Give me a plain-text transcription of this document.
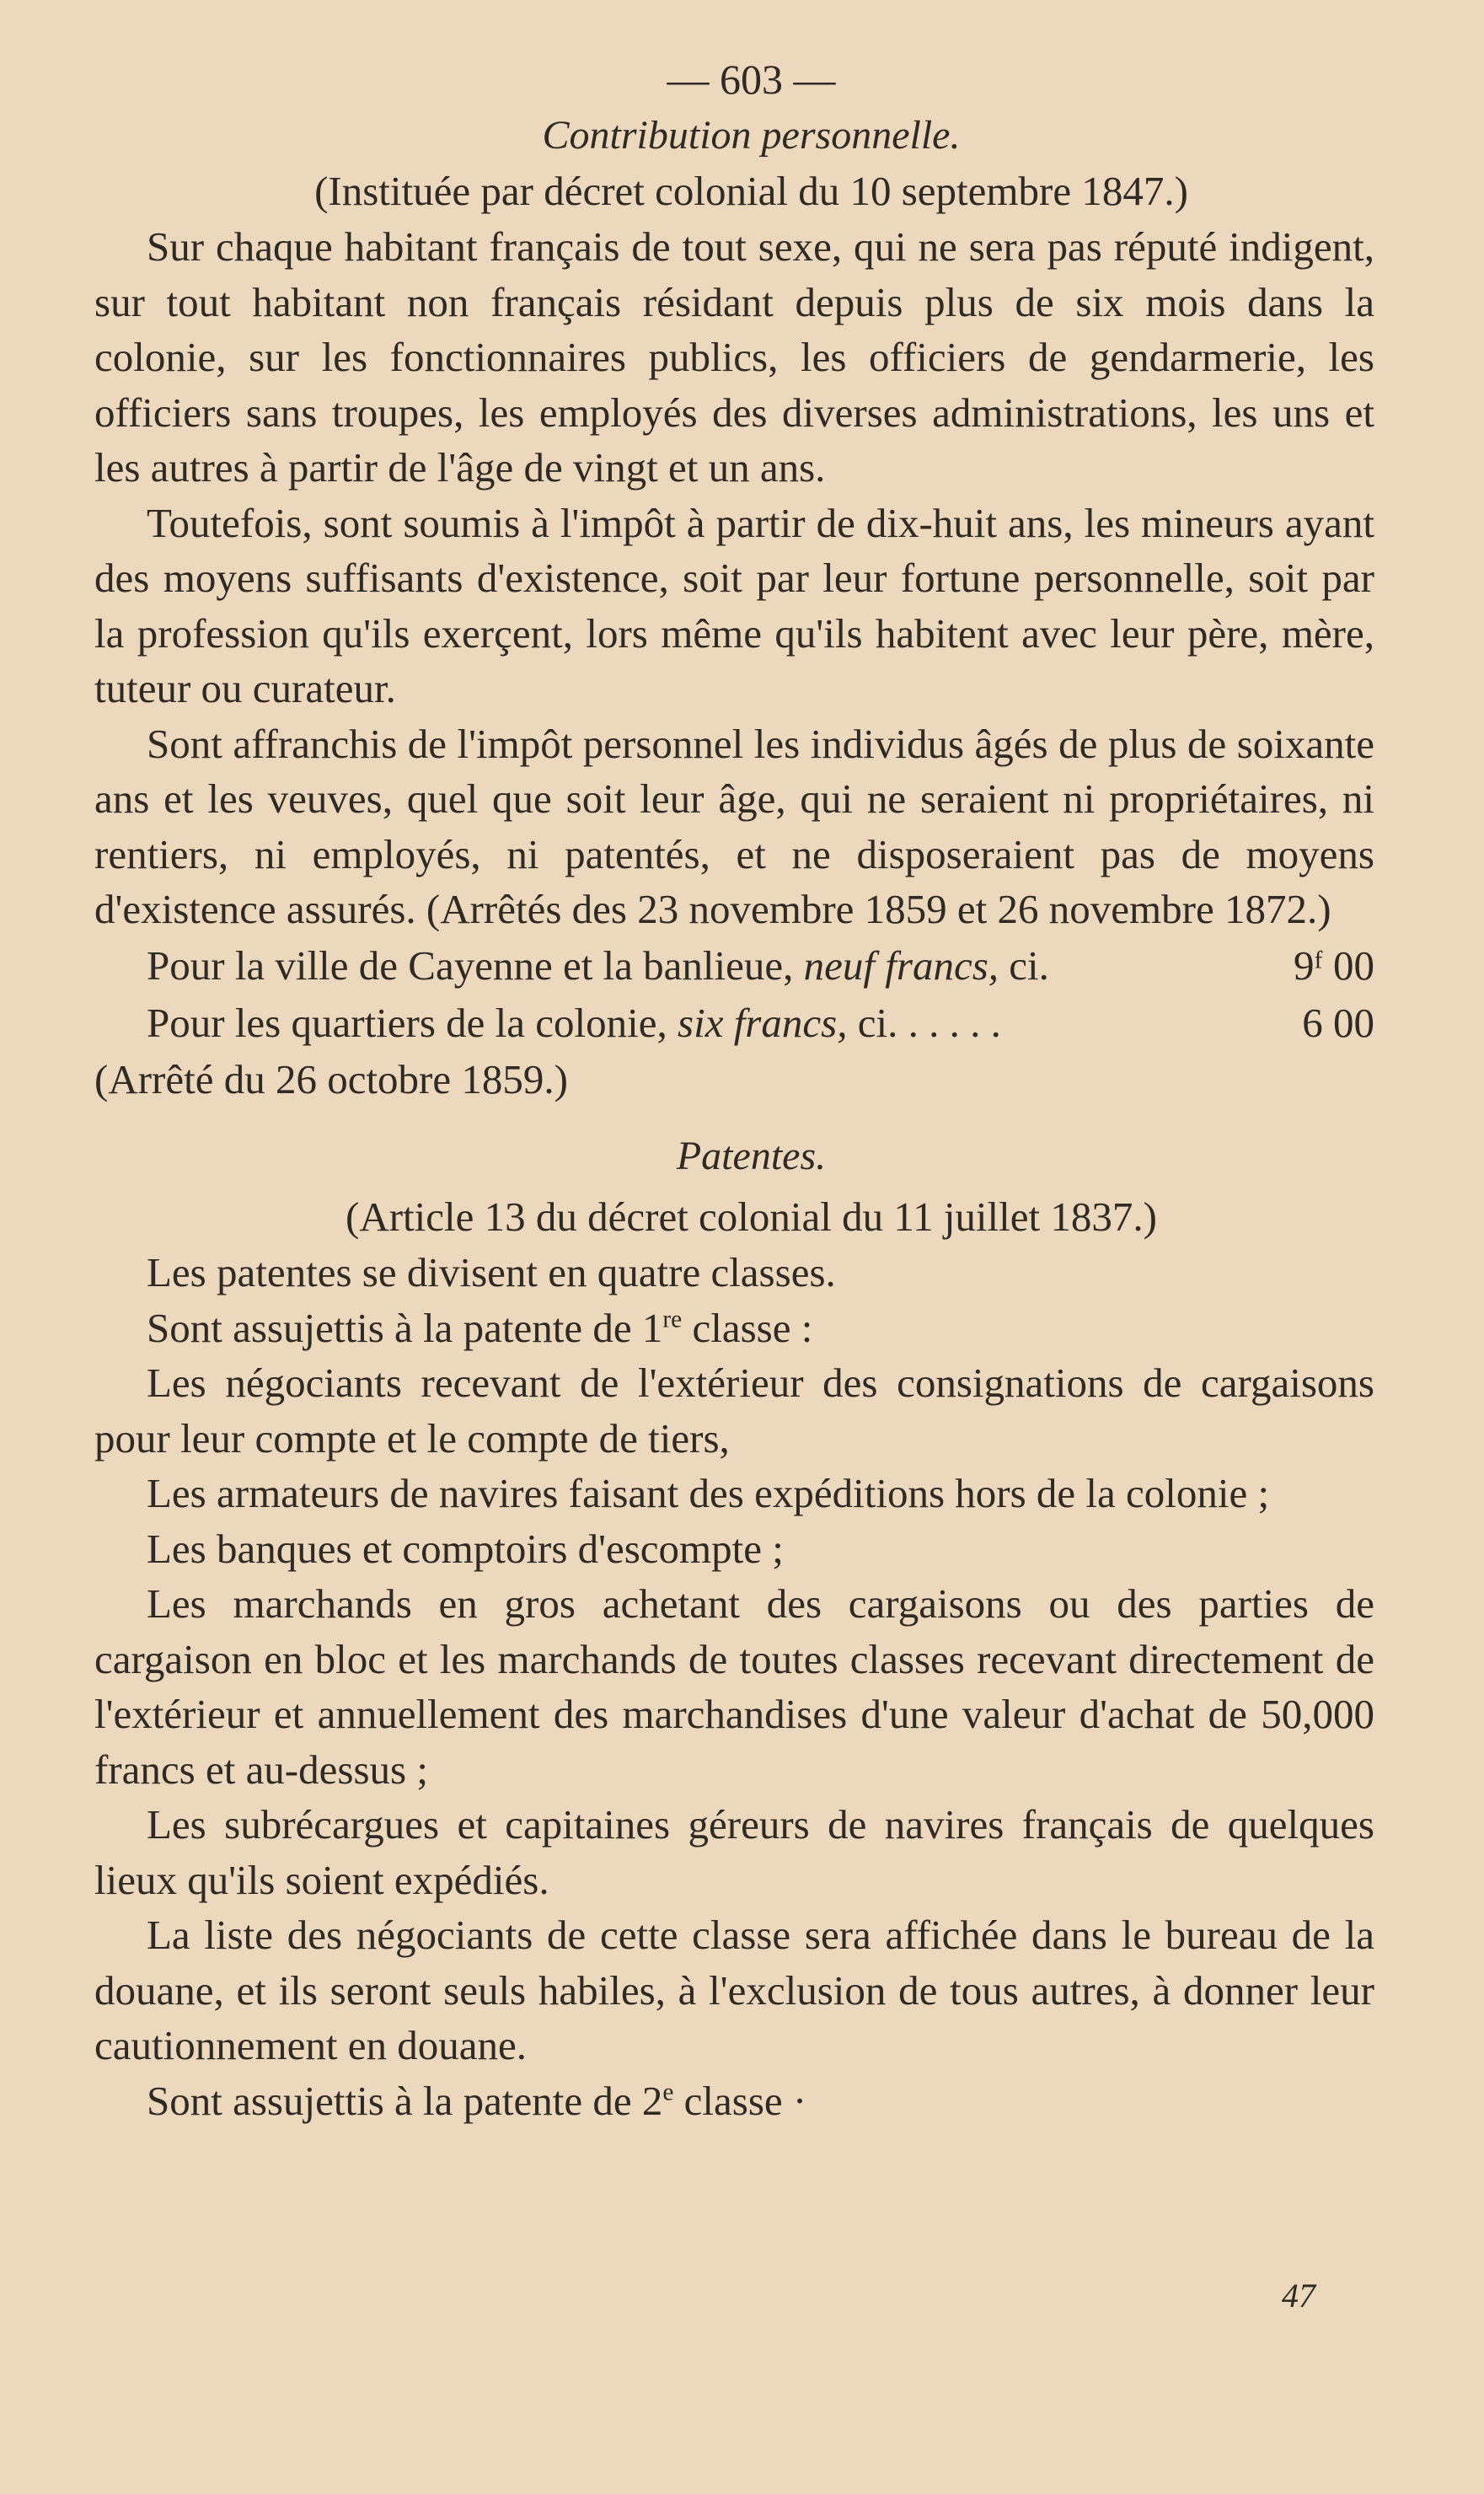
— 603 —
Contribution personnelle.
(Instituée par décret colonial du 10 septembre 1847.)

Sur chaque habitant français de tout sexe, qui ne sera pas réputé indigent, sur tout habitant non français résidant depuis plus de six mois dans la colonie, sur les fonctionnaires publics, les officiers de gendarmerie, les officiers sans troupes, les employés des diverses administrations, les uns et les autres à partir de l'âge de vingt et un ans.

Toutefois, sont soumis à l'impôt à partir de dix-huit ans, les mineurs ayant des moyens suffisants d'existence, soit par leur fortune personnelle, soit par la profession qu'ils exerçent, lors même qu'ils habitent avec leur père, mère, tuteur ou curateur.

Sont affranchis de l'impôt personnel les individus âgés de plus de soixante ans et les veuves, quel que soit leur âge, qui ne seraient ni propriétaires, ni rentiers, ni employés, ni patentés, et ne disposeraient pas de moyens d'existence assurés. (Arrêtés des 23 novembre 1859 et 26 novembre 1872.)

Pour la ville de Cayenne et la banlieue, neuf francs, ci.	9ᶠ 00
Pour les quartiers de la colonie, six francs, ci. . . . . .	6 00

(Arrêté du 26 octobre 1859.)

Patentes.
(Article 13 du décret colonial du 11 juillet 1837.)

Les patentes se divisent en quatre classes.

Sont assujettis à la patente de 1re classe :

Les négociants recevant de l'extérieur des consignations de cargaisons pour leur compte et le compte de tiers,

Les armateurs de navires faisant des expéditions hors de la colonie ;

Les banques et comptoirs d'escompte ;

Les marchands en gros achetant des cargaisons ou des parties de cargaison en bloc et les marchands de toutes classes recevant directement de l'extérieur et annuellement des marchandises d'une valeur d'achat de 50,000 francs et au-dessus ;

Les subrécargues et capitaines géreurs de navires français de quelques lieux qu'ils soient expédiés.

La liste des négociants de cette classe sera affichée dans le bureau de la douane, et ils seront seuls habiles, à l'exclusion de tous autres, à donner leur cautionnement en douane.

Sont assujettis à la patente de 2e classe ·

47
